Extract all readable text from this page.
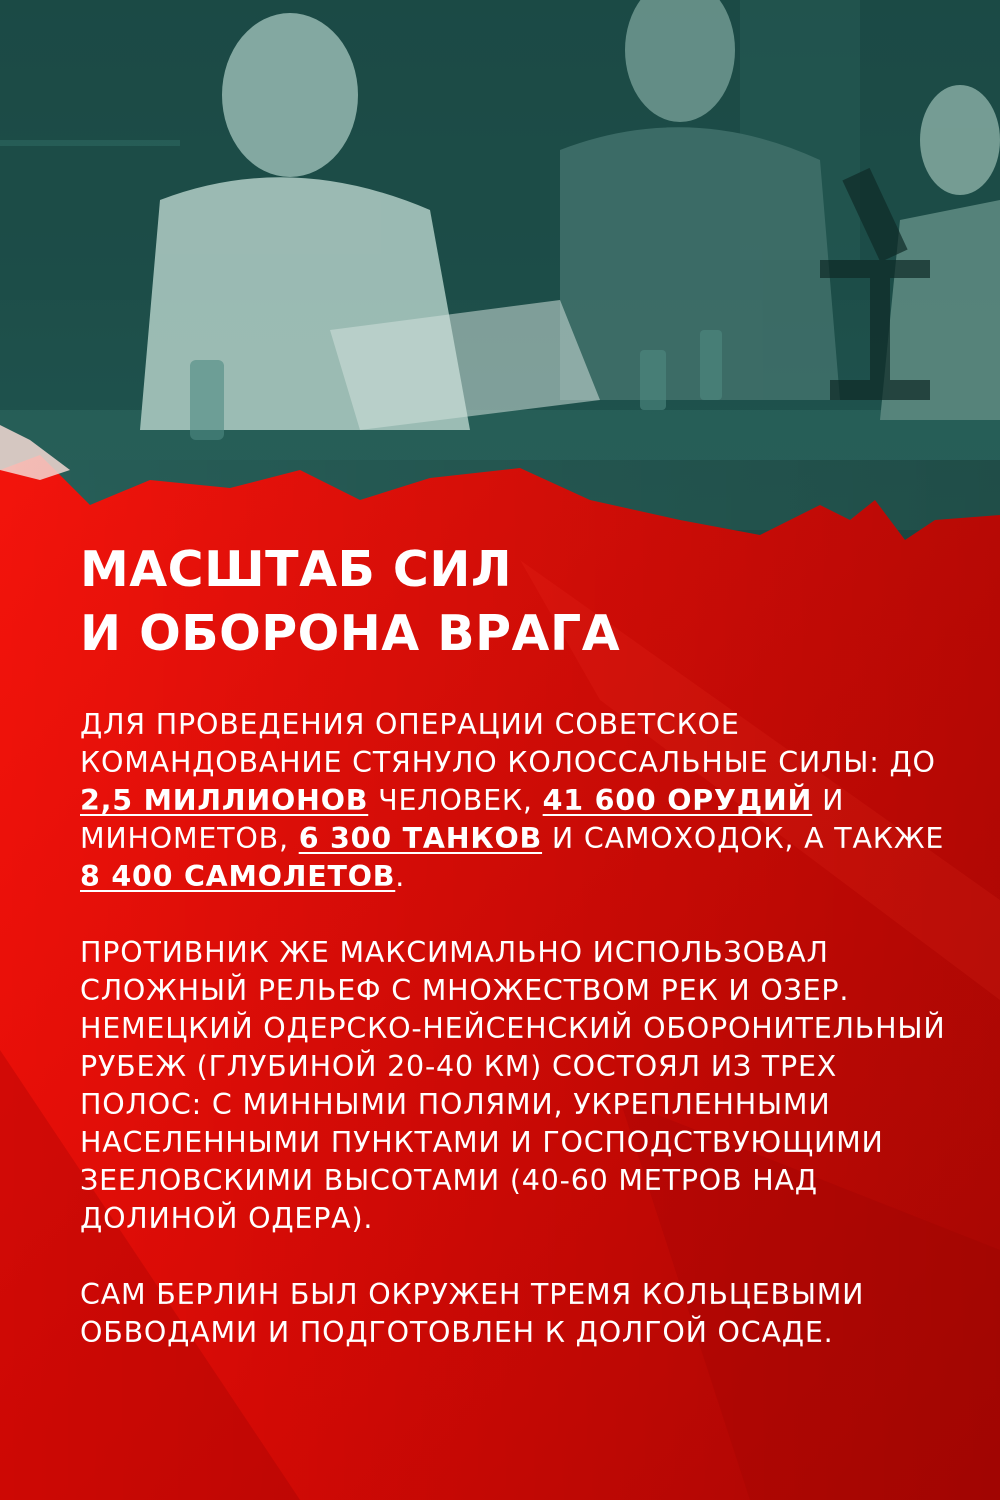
МАСШТАБ СИЛ
И ОБОРОНА ВРАГА

ДЛЯ ПРОВЕДЕНИЯ ОПЕРАЦИИ СОВЕТСКОЕ КОМАНДОВАНИЕ СТЯНУЛО КОЛОССАЛЬНЫЕ СИЛЫ: ДО 2,5 МИЛЛИОНОВ ЧЕЛОВЕК, 41 600 ОРУДИЙ И МИНОМЕТОВ, 6 300 ТАНКОВ И САМОХОДОК, А ТАКЖЕ 8 400 САМОЛЕТОВ.

ПРОТИВНИК ЖЕ МАКСИМАЛЬНО ИСПОЛЬЗОВАЛ СЛОЖНЫЙ РЕЛЬЕФ С МНОЖЕСТВОМ РЕК И ОЗЕР. НЕМЕЦКИЙ ОДЕРСКО-НЕЙСЕНСКИЙ ОБОРОНИТЕЛЬНЫЙ РУБЕЖ (ГЛУБИНОЙ 20-40 КМ) СОСТОЯЛ ИЗ ТРЕХ ПОЛОС: С МИННЫМИ ПОЛЯМИ, УКРЕПЛЕННЫМИ НАСЕЛЕННЫМИ ПУНКТАМИ И ГОСПОДСТВУЮЩИМИ ЗЕЕЛОВСКИМИ ВЫСОТАМИ (40-60 МЕТРОВ НАД ДОЛИНОЙ ОДЕРА).

САМ БЕРЛИН БЫЛ ОКРУЖЕН ТРЕМЯ КОЛЬЦЕВЫМИ ОБВОДАМИ И ПОДГОТОВЛЕН К ДОЛГОЙ ОСАДЕ.
